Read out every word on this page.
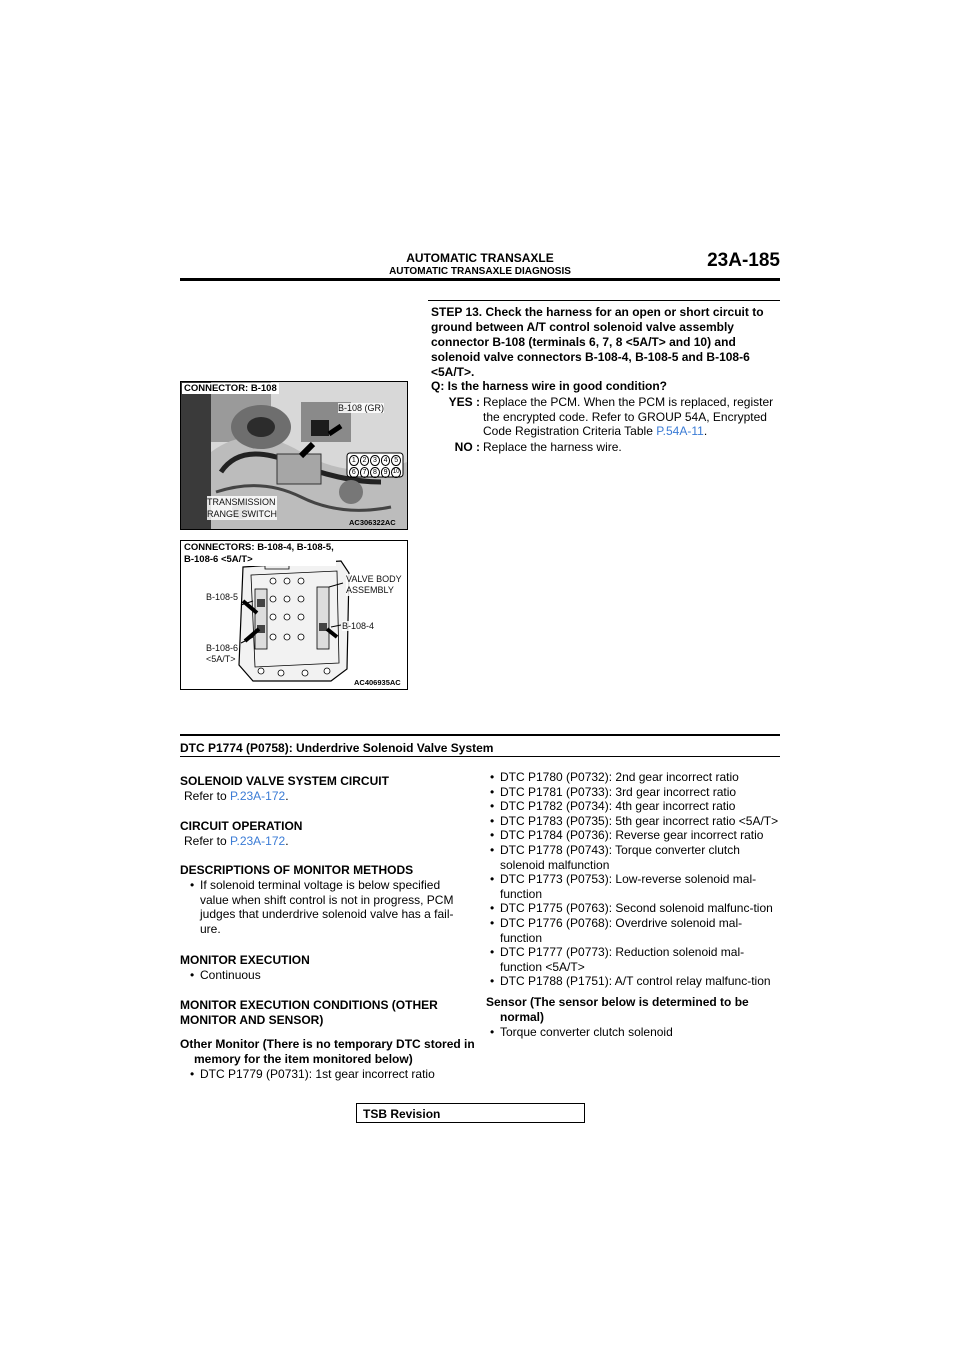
AUTOMATIC TRANSAXLE
AUTOMATIC TRANSAXLE DIAGNOSIS
23A-185
STEP 13. Check the harness for an open or short circuit to ground between A/T control solenoid valve assembly connector B-108 (terminals 6, 7, 8 <5A/T> and 10) and solenoid valve connectors B-108-4, B-108-5 and B-108-6 <5A/T>.
Q: Is the harness wire in good condition?
YES : Replace the PCM. When the PCM is replaced, register the encrypted code. Refer to GROUP 54A, Encrypted Code Registration Criteria Table P.54A-11.
NO : Replace the harness wire.
CONNECTOR: B-108
B-108 (GR)
1 2 3 4 5
6 7 8 9 10
TRANSMISSION
RANGE SWITCH
AC306322AC
CONNECTORS: B-108-4, B-108-5,
B-108-6 <5A/T>
B-108-5
B-108-6
<5A/T>
VALVE BODY
ASSEMBLY
B-108-4
AC406935AC
DTC P1774 (P0758): Underdrive Solenoid Valve System
SOLENOID VALVE SYSTEM CIRCUIT
Refer to P.23A-172.
CIRCUIT OPERATION
Refer to P.23A-172.
DESCRIPTIONS OF MONITOR METHODS
• If solenoid terminal voltage is below specified value when shift control is not in progress, PCM judges that underdrive solenoid valve has a fail-ure.
MONITOR EXECUTION
• Continuous
MONITOR EXECUTION CONDITIONS (OTHER MONITOR AND SENSOR)
Other Monitor (There is no temporary DTC stored in memory for the item monitored below)
• DTC P1779 (P0731): 1st gear incorrect ratio
• DTC P1780 (P0732): 2nd gear incorrect ratio
• DTC P1781 (P0733): 3rd gear incorrect ratio
• DTC P1782 (P0734): 4th gear incorrect ratio
• DTC P1783 (P0735): 5th gear incorrect ratio <5A/T>
• DTC P1784 (P0736): Reverse gear incorrect ratio
• DTC P1778 (P0743): Torque converter clutch solenoid malfunction
• DTC P1773 (P0753): Low-reverse solenoid mal-function
• DTC P1775 (P0763): Second solenoid malfunc-tion
• DTC P1776 (P0768): Overdrive solenoid mal-function
• DTC P1777 (P0773): Reduction solenoid mal-function <5A/T>
• DTC P1788 (P1751): A/T control relay malfunc-tion
Sensor (The sensor below is determined to be normal)
• Torque converter clutch solenoid
TSB Revision
